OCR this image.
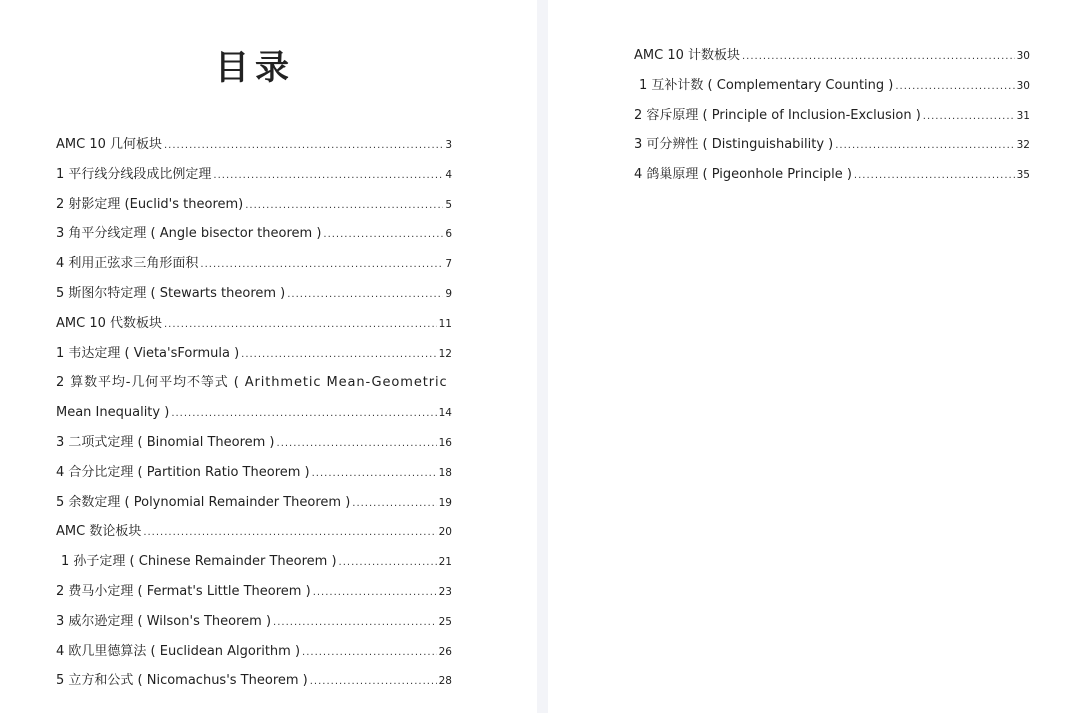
目录
AMC 10 几何板块 .....	3
1 平行线分线段成比例定理 .....	4
2 射影定理 (Euclid's theorem) .....	5
3 角平分线定理 ( Angle bisector theorem ) .....	6
4 利用正弦求三角形面积 .....	7
5 斯图尔特定理 ( Stewarts theorem ) .....	9
AMC 10 代数板块 .....	11
1 韦达定理 ( Vieta'sFormula ) .....	12
2 算数平均-几何平均不等式 ( Arithmetic Mean-Geometric
Mean Inequality ) .....	14
3 二项式定理 ( Binomial Theorem ) .....	16
4 合分比定理 ( Partition Ratio Theorem ) .....	18
5 余数定理 ( Polynomial Remainder Theorem ) .....	19
AMC 数论板块 .....	20
1 孙子定理 ( Chinese Remainder Theorem ) .....	21
2 费马小定理 ( Fermat's Little Theorem ) .....	23
3 威尔逊定理 ( Wilson's Theorem ) .....	25
4 欧几里德算法 ( Euclidean Algorithm ) .....	26
5 立方和公式 ( Nicomachus's Theorem ) .....	28
AMC 10 计数板块 .....	30
1 互补计数 ( Complementary Counting ) .....	30
2 容斥原理 ( Principle of Inclusion-Exclusion ) .....	31
3 可分辨性 ( Distinguishability ) .....	32
4 鸽巢原理 ( Pigeonhole Principle ) .....	35
